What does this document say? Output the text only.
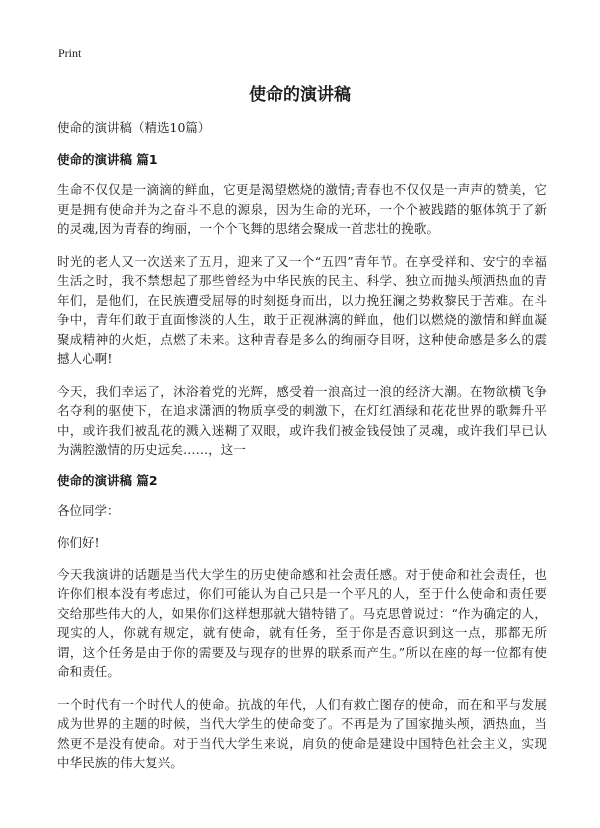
Print
使命的演讲稿

使命的演讲稿（精选10篇）

使命的演讲稿 篇1

生命不仅仅是一滴滴的鲜血，它更是渴望燃烧的激情;青春也不仅仅是一声声的赞美，它更是拥有使命并为之奋斗不息的源泉，因为生命的光环，一个个被践踏的躯体筑于了新的灵魂,因为青春的绚丽，一个个飞舞的思绪会聚成一首悲壮的挽歌。

时光的老人又一次送来了五月，迎来了又一个“五四”青年节。在享受祥和、安宁的幸福生活之时，我不禁想起了那些曾经为中华民族的民主、科学、独立而抛头颅洒热血的青年们，是他们，在民族遭受屈辱的时刻挺身而出，以力挽狂澜之势救黎民于苦难。在斗争中，青年们敢于直面惨淡的人生，敢于正视淋漓的鲜血，他们以燃烧的激情和鲜血凝聚成精神的火炬，点燃了未来。这种青春是多么的绚丽夺目呀，这种使命感是多么的震撼人心啊!

今天，我们幸运了，沐浴着党的光辉，感受着一浪高过一浪的经济大潮。在物欲横飞争名夺利的驱使下，在追求潇洒的物质享受的刺激下，在灯红酒绿和花花世界的歌舞升平中，或许我们被乱花的溅入迷糊了双眼，或许我们被金钱侵蚀了灵魂，或许我们早已认为满腔激情的历史远矣……，这一

使命的演讲稿 篇2

各位同学：

你们好!

今天我演讲的话题是当代大学生的历史使命感和社会责任感。对于使命和社会责任，也许你们根本没有考虑过，你们可能认为自己只是一个平凡的人，至于什么使命和责任要交给那些伟大的人，如果你们这样想那就大错特错了。马克思曾说过：“作为确定的人，现实的人，你就有规定，就有使命，就有任务，至于你是否意识到这一点，那都无所谓，这个任务是由于你的需要及与现存的世界的联系而产生。”所以在座的每一位都有使命和责任。

一个时代有一个时代人的使命。抗战的年代，人们有救亡图存的使命，而在和平与发展成为世界的主题的时候，当代大学生的使命变了。不再是为了国家抛头颅，洒热血，当然更不是没有使命。对于当代大学生来说，肩负的使命是建设中国特色社会主义，实现中华民族的伟大复兴。
